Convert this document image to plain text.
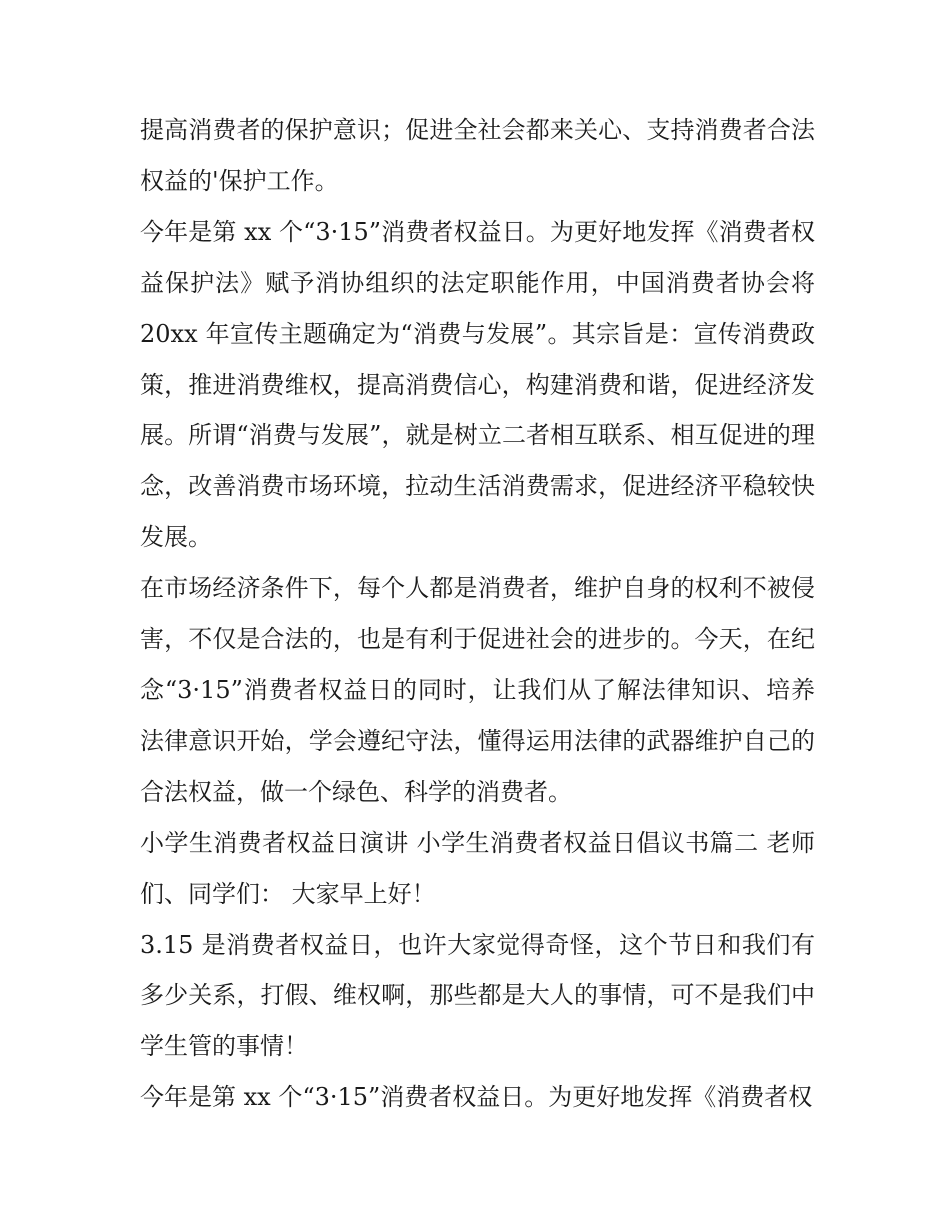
提高消费者的保护意识；促进全社会都来关心、支持消费者合法权益的'保护工作。

今年是第 xx 个“3·15”消费者权益日。为更好地发挥《消费者权益保护法》赋予消协组织的法定职能作用，中国消费者协会将 20xx 年宣传主题确定为“消费与发展”。其宗旨是：宣传消费政策，推进消费维权，提高消费信心，构建消费和谐，促进经济发展。所谓“消费与发展”，就是树立二者相互联系、相互促进的理念，改善消费市场环境，拉动生活消费需求，促进经济平稳较快发展。

在市场经济条件下，每个人都是消费者，维护自身的权利不被侵害，不仅是合法的，也是有利于促进社会的进步的。今天，在纪念“3·15”消费者权益日的同时，让我们从了解法律知识、培养法律意识开始，学会遵纪守法，懂得运用法律的武器维护自己的合法权益，做一个绿色、科学的消费者。

小学生消费者权益日演讲 小学生消费者权益日倡议书篇二 老师们、同学们： 大家早上好！

3.15 是消费者权益日，也许大家觉得奇怪，这个节日和我们有多少关系，打假、维权啊，那些都是大人的事情，可不是我们中学生管的事情！

今年是第 xx 个“3·15”消费者权益日。为更好地发挥《消费者权
